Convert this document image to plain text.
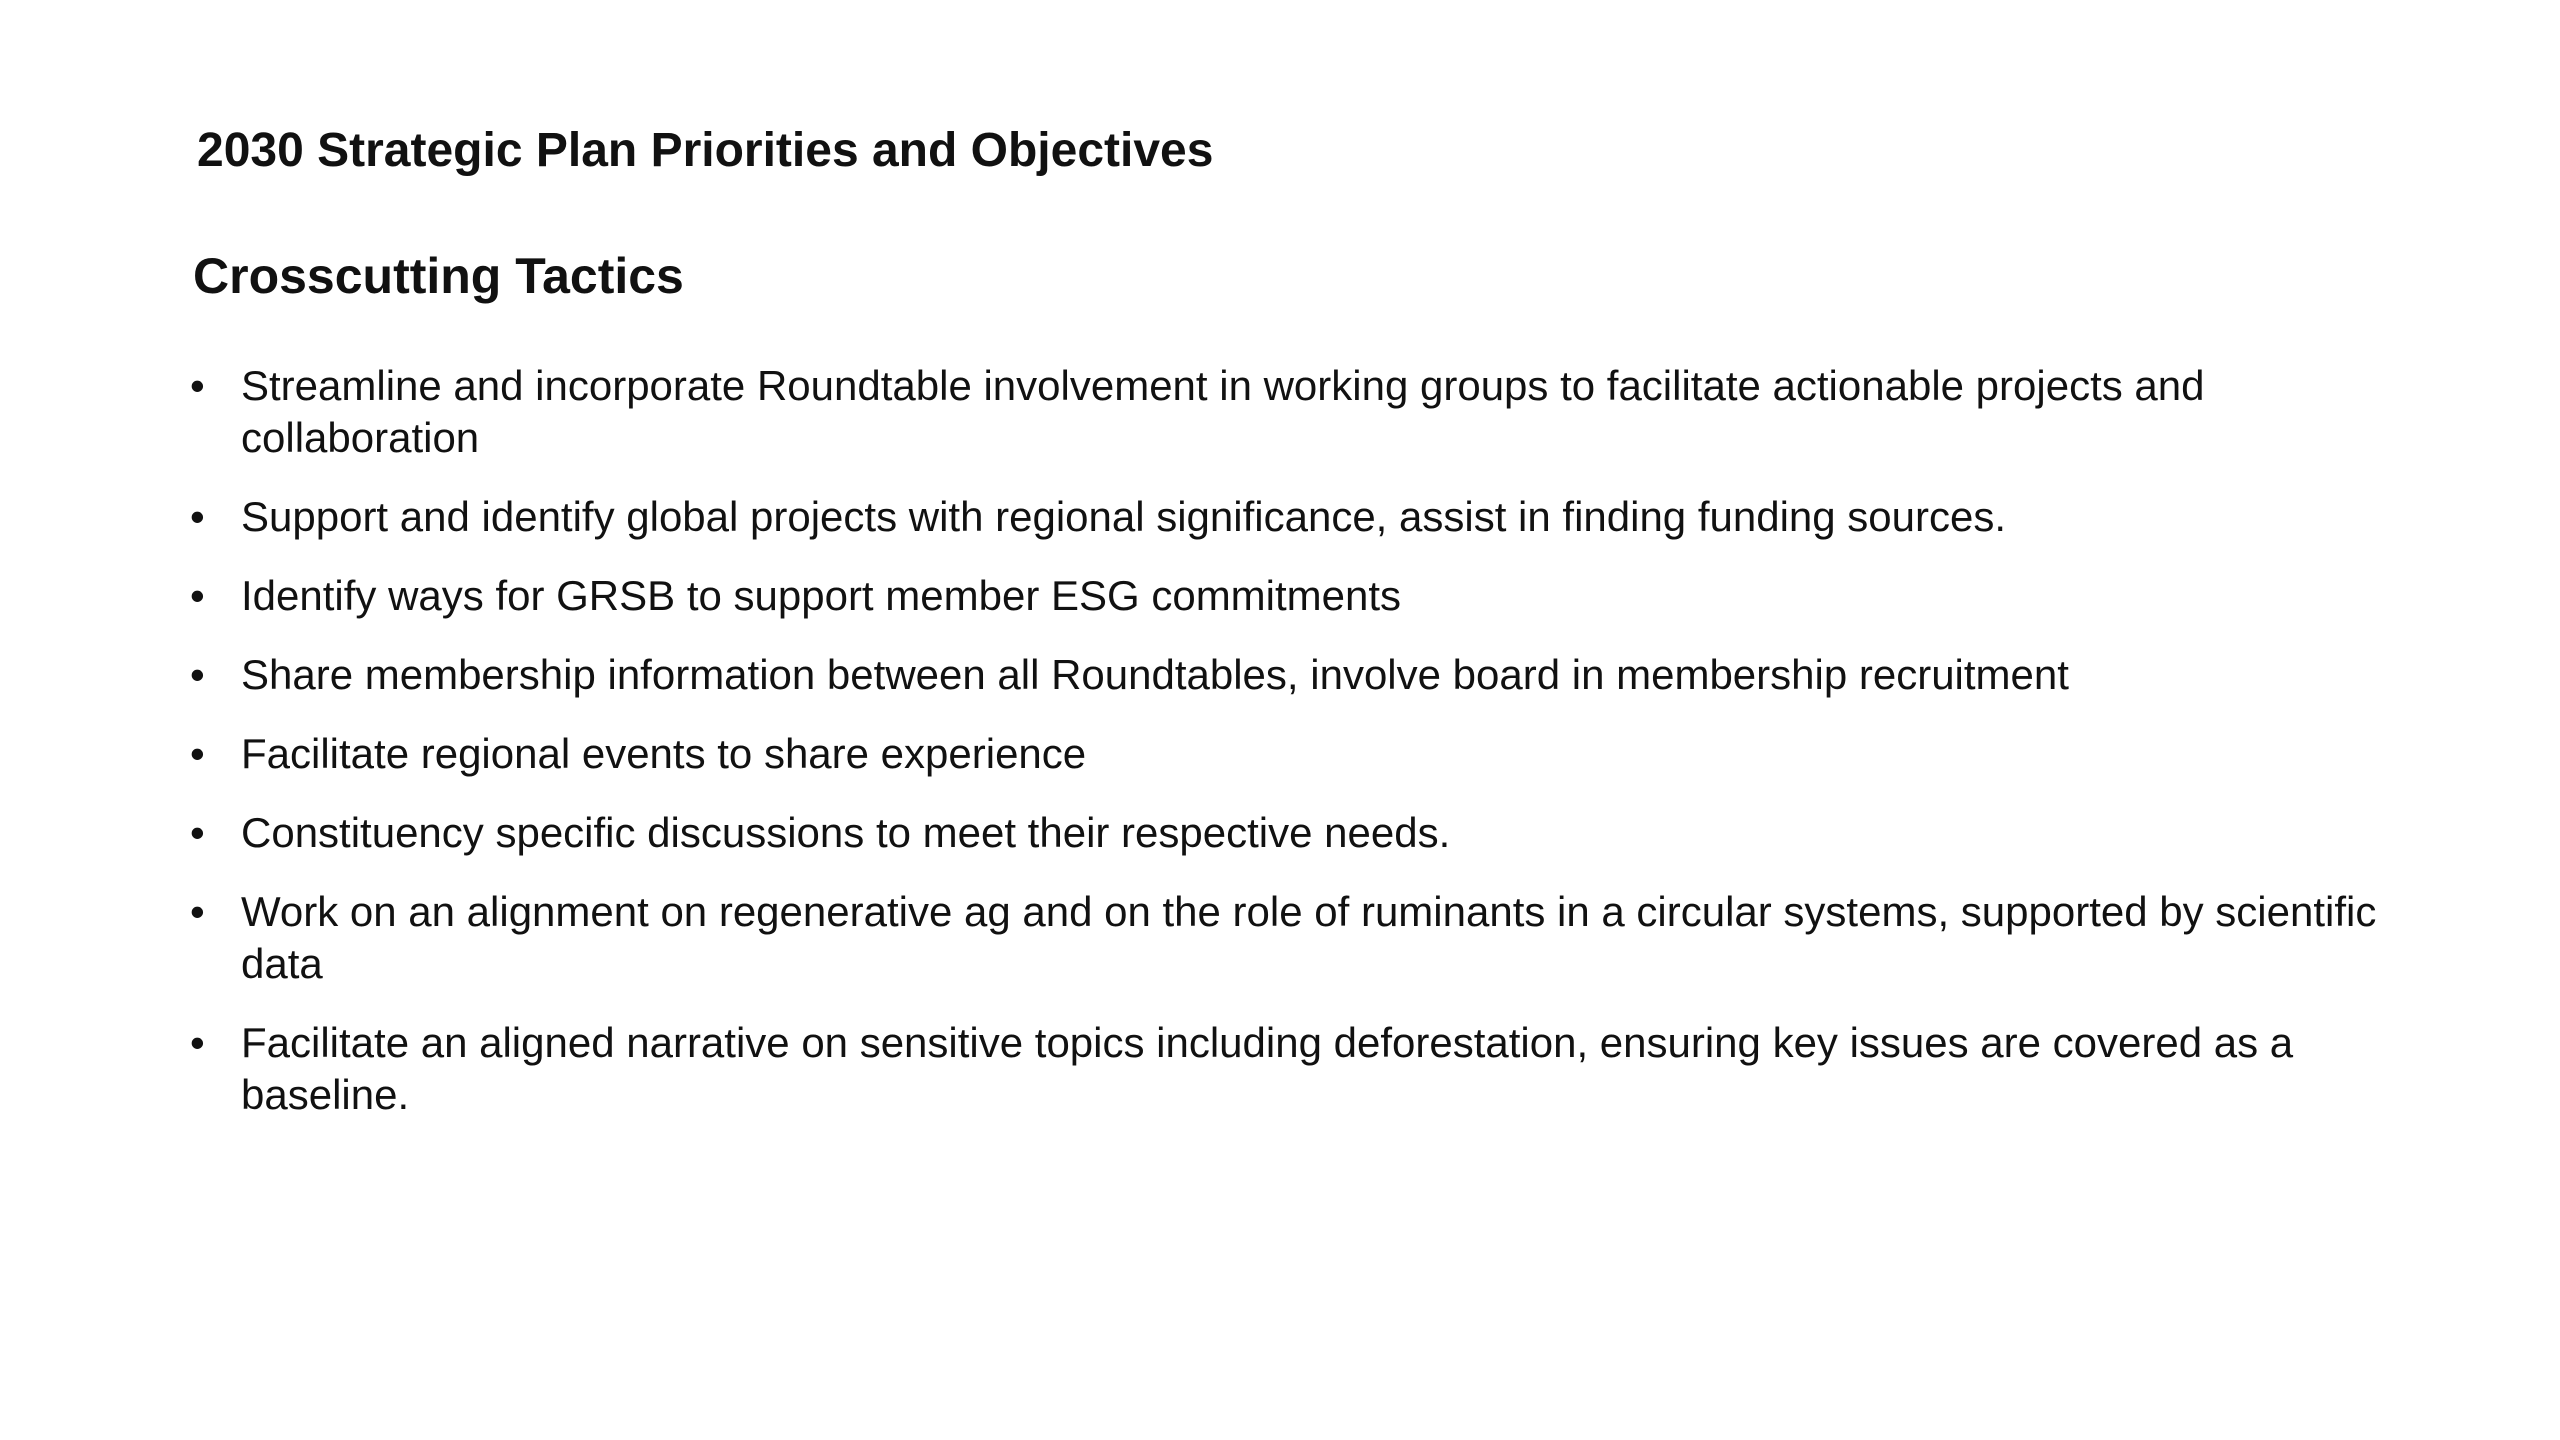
2030 Strategic Plan Priorities and Objectives
Crosscutting Tactics
• Streamline and incorporate Roundtable involvement in working groups to facilitate actionable projects and collaboration
• Support and identify global projects with regional significance, assist in finding funding sources.
• Identify ways for GRSB to support member ESG commitments
• Share membership information between all Roundtables, involve board in membership recruitment
• Facilitate regional events to share experience
• Constituency specific discussions to meet their respective needs.
• Work on an alignment on regenerative ag and on the role of ruminants in a circular systems, supported by scientific data
• Facilitate an aligned narrative on sensitive topics including deforestation, ensuring key issues are covered as a baseline.
